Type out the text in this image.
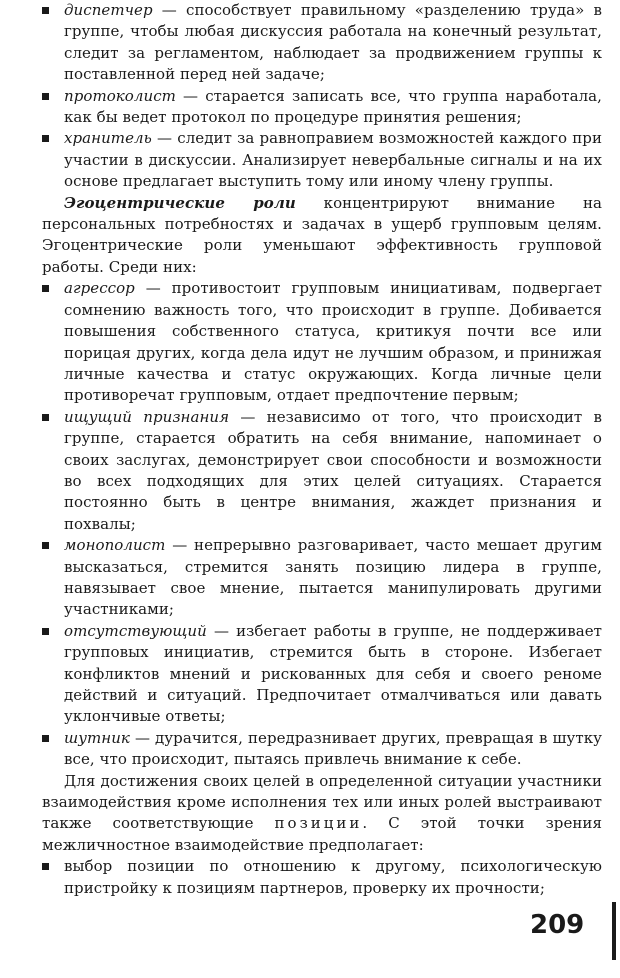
диспетчер — способствует правильному «разделению труда» в группе, чтобы любая дискуссия работала на конечный результат, следит за регламентом, наблюдает за продвижением группы к поставленной перед ней задаче;
протоколист — старается записать все, что группа наработала, как бы ведет протокол по процедуре принятия решения;
хранитель — следит за равноправием возможностей каждого при участии в дискуссии. Анализирует невербальные сигналы и на их основе предлагает выступить тому или иному члену группы.

Эгоцентрические роли концентрируют внимание на персональных потребностях и задачах в ущерб групповым целям. Эгоцентрические роли уменьшают эффективность групповой работы. Среди них:

агрессор — противостоит групповым инициативам, подвергает сомнению важность того, что происходит в группе. Добивается повышения собственного статуса, критикуя почти все или порицая других, когда дела идут не лучшим образом, и принижая личные качества и статус окружающих. Когда личные цели противоречат групповым, отдает предпочтение первым;
ищущий признания — независимо от того, что происходит в группе, старается обратить на себя внимание, напоминает о своих заслугах, демонстрирует свои способности и возможности во всех подходящих для этих целей ситуациях. Старается постоянно быть в центре внимания, жаждет признания и похвалы;
монополист — непрерывно разговаривает, часто мешает другим высказаться, стремится занять позицию лидера в группе, навязывает свое мнение, пытается манипулировать другими участниками;
отсутствующий — избегает работы в группе, не поддерживает групповых инициатив, стремится быть в стороне. Избегает конфликтов мнений и рискованных для себя и своего реноме действий и ситуаций. Предпочитает отмалчиваться или давать уклончивые ответы;
шутник — дурачится, передразнивает других, превращая в шутку все, что происходит, пытаясь привлечь внимание к себе.

Для достижения своих целей в определенной ситуации участники взаимодействия кроме исполнения тех или иных ролей выстраивают также соответствующие позиции. С этой точки зрения межличностное взаимодействие предполагает:

выбор позиции по отношению к другому, психологическую пристройку к позициям партнеров, проверку их прочности;
209
